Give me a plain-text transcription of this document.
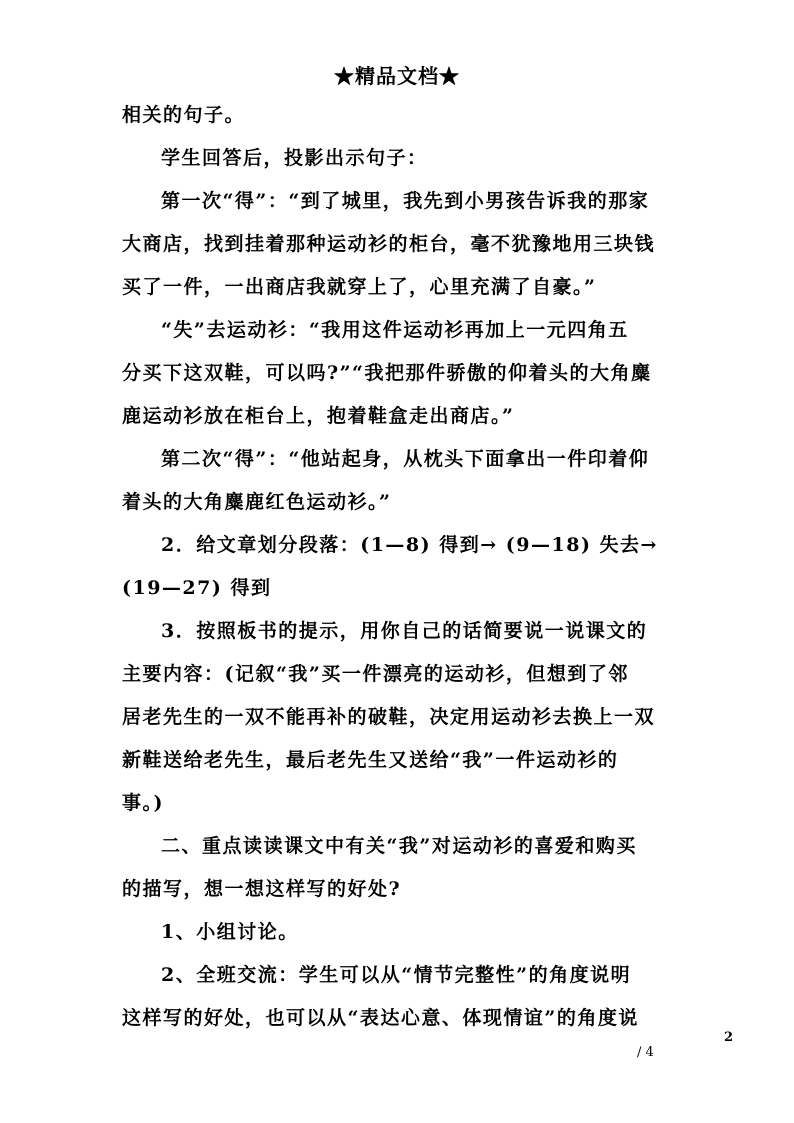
★精品文档★
相关的句子。
学生回答后，投影出示句子：
第一次“得”：“到了城里，我先到小男孩告诉我的那家
大商店，找到挂着那种运动衫的柜台，毫不犹豫地用三块钱
买了一件，一出商店我就穿上了，心里充满了自豪。”
“失”去运动衫：“我用这件运动衫再加上一元四角五
分买下这双鞋，可以吗?”“我把那件骄傲的仰着头的大角麋
鹿运动衫放在柜台上，抱着鞋盒走出商店。”
第二次“得”：“他站起身，从枕头下面拿出一件印着仰
着头的大角麋鹿红色运动衫。”
2．给文章划分段落：(1—8) 得到→ (9—18) 失去→
(19—27) 得到
3．按照板书的提示，用你自己的话简要说一说课文的
主要内容：(记叙“我”买一件漂亮的运动衫，但想到了邻
居老先生的一双不能再补的破鞋，决定用运动衫去换上一双
新鞋送给老先生，最后老先生又送给“我”一件运动衫的
事。)
二、重点读读课文中有关“我”对运动衫的喜爱和购买
的描写，想一想这样写的好处?
1、小组讨论。
2、全班交流：学生可以从“情节完整性”的角度说明
这样写的好处，也可以从“表达心意、体现情谊”的角度说
2
/ 4
